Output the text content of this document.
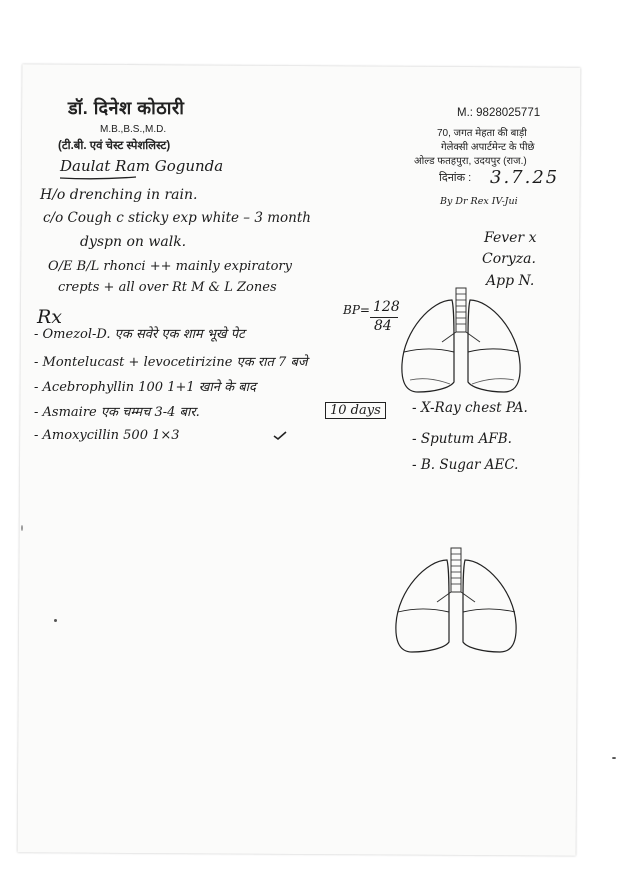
डॉ. दिनेश कोठारी
M.B.,B.S.,M.D.
(टी.बी. एवं चेस्ट स्पेशलिस्ट)
M.: 9828025771
70, जगत मेहता की बाड़ी
गेलेक्सी अपार्टमेन्ट के पीछे
ओल्ड फतहपुरा, उदयपुर (राज.)
दिनांक : 3.7.25
Daulat Ram Gogunda
By Dr Rex IV-Jui
H/o drenching in rain.
c/o Cough c sticky exp white – 3 month
dyspn on walk.	Fever x
Coryza.
App N.
O/E B/L rhonci ++ mainly expiratory
crepts + all over Rt M & L Zones
BP= 128
84
Rx
- Omezol-D. एक सवेरे एक शाम भूखे पेट
- Montelucast + levocetirizine एक रात 7 बजे
- Acebrophyllin 100 1+1 खाने के बाद
- Asmaire एक चम्मच 3-4 बार.
- Amoxycillin 500 1×3
10 days	- X-Ray chest PA.
- Sputum AFB.
- B. Sugar AEC.
